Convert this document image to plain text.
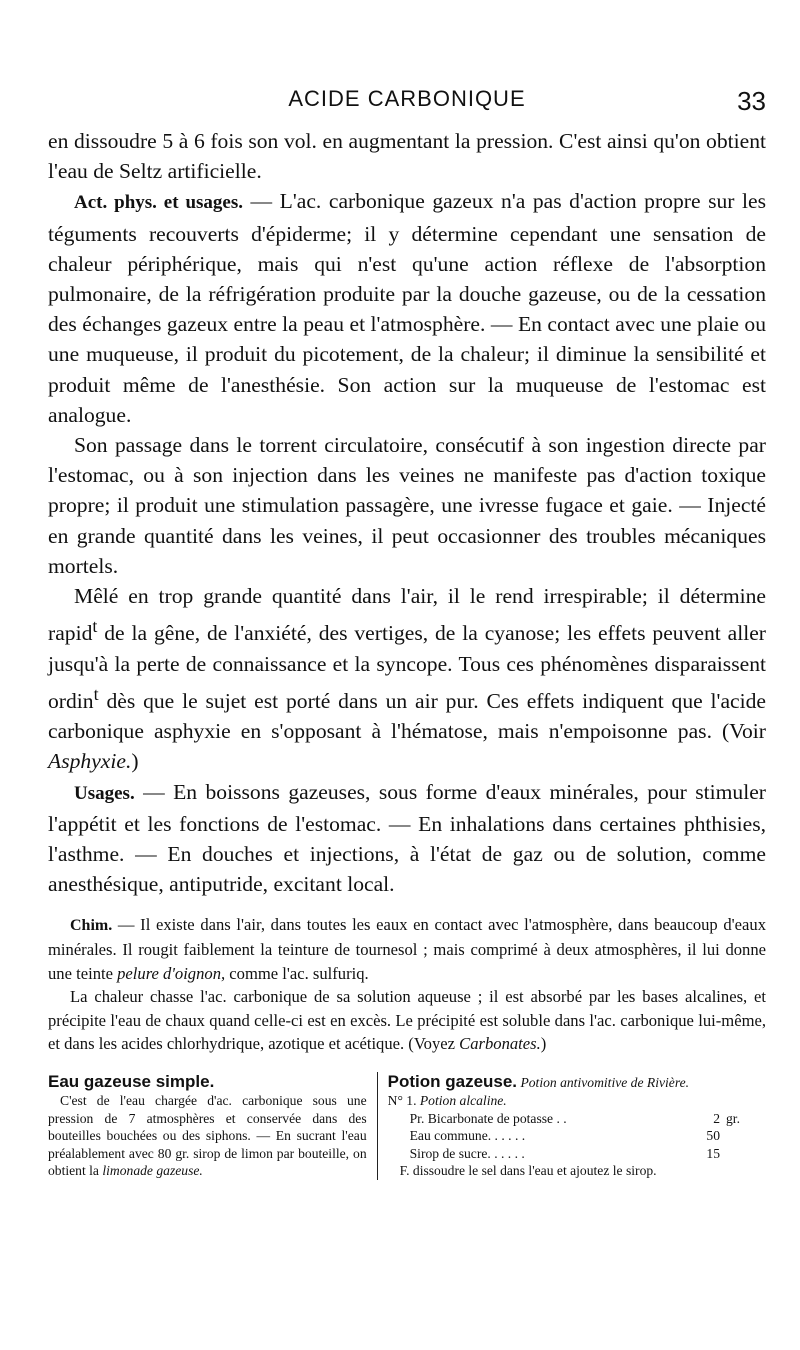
ACIDE CARBONIQUE	33

en dissoudre 5 à 6 fois son vol. en augmentant la pression. C'est ainsi qu'on obtient l'eau de Seltz artificielle.

Act. phys. et usages. — L'ac. carbonique gazeux n'a pas d'action propre sur les téguments recouverts d'épiderme; il y détermine cependant une sensation de chaleur périphérique, mais qui n'est qu'une action réflexe de l'absorption pulmonaire, de la réfrigération produite par la douche gazeuse, ou de la cessation des échanges gazeux entre la peau et l'atmosphère. — En contact avec une plaie ou une muqueuse, il produit du picotement, de la chaleur; il diminue la sensibilité et produit même de l'anesthésie. Son action sur la muqueuse de l'estomac est analogue.

Son passage dans le torrent circulatoire, consécutif à son ingestion directe par l'estomac, ou à son injection dans les veines ne manifeste pas d'action toxique propre; il produit une stimulation passagère, une ivresse fugace et gaie. — Injecté en grande quantité dans les veines, il peut occasionner des troubles mécaniques mortels.

Mêlé en trop grande quantité dans l'air, il le rend irrespirable; il détermine rapid$^t$ de la gêne, de l'anxiété, des vertiges, de la cyanose; les effets peuvent aller jusqu'à la perte de connaissance et la syncope. Tous ces phénomènes disparaissent ordin$^t$ dès que le sujet est porté dans un air pur. Ces effets indiquent que l'acide carbonique asphyxie en s'opposant à l'hématose, mais n'empoisonne pas. (Voir Asphyxie.)

Usages. — En boissons gazeuses, sous forme d'eaux minérales, pour stimuler l'appétit et les fonctions de l'estomac. — En inhalations dans certaines phthisies, l'asthme. — En douches et injections, à l'état de gaz ou de solution, comme anesthésique, antiputride, excitant local.

Chim. — Il existe dans l'air, dans toutes les eaux en contact avec l'atmosphère, dans beaucoup d'eaux minérales. Il rougit faiblement la teinture de tournesol ; mais comprimé à deux atmosphères, il lui donne une teinte pelure d'oignon, comme l'ac. sulfuriq.

La chaleur chasse l'ac. carbonique de sa solution aqueuse ; il est absorbé par les bases alcalines, et précipite l'eau de chaux quand celle-ci est en excès. Le précipité est soluble dans l'ac. carbonique lui-même, et dans les acides chlorhydrique, azotique et acétique. (Voyez Carbonates.)

Eau gazeuse simple.

C'est de l'eau chargée d'ac. carbonique sous une pression de 7 atmosphères et conservée dans des bouteilles bouchées ou des siphons. — En sucrant l'eau préalablement avec 80 gr. sirop de limon par bouteille, on obtient la limonade gazeuse.

Potion gazeuse. Potion antivomitive de Rivière.

N° 1. Potion alcaline.

Pr. Bicarbonate de potasse . .	2 gr.
Eau commune. . . . . .	50
Sirop de sucre. . . . . .	15

F. dissoudre le sel dans l'eau et ajoutez le sirop.
